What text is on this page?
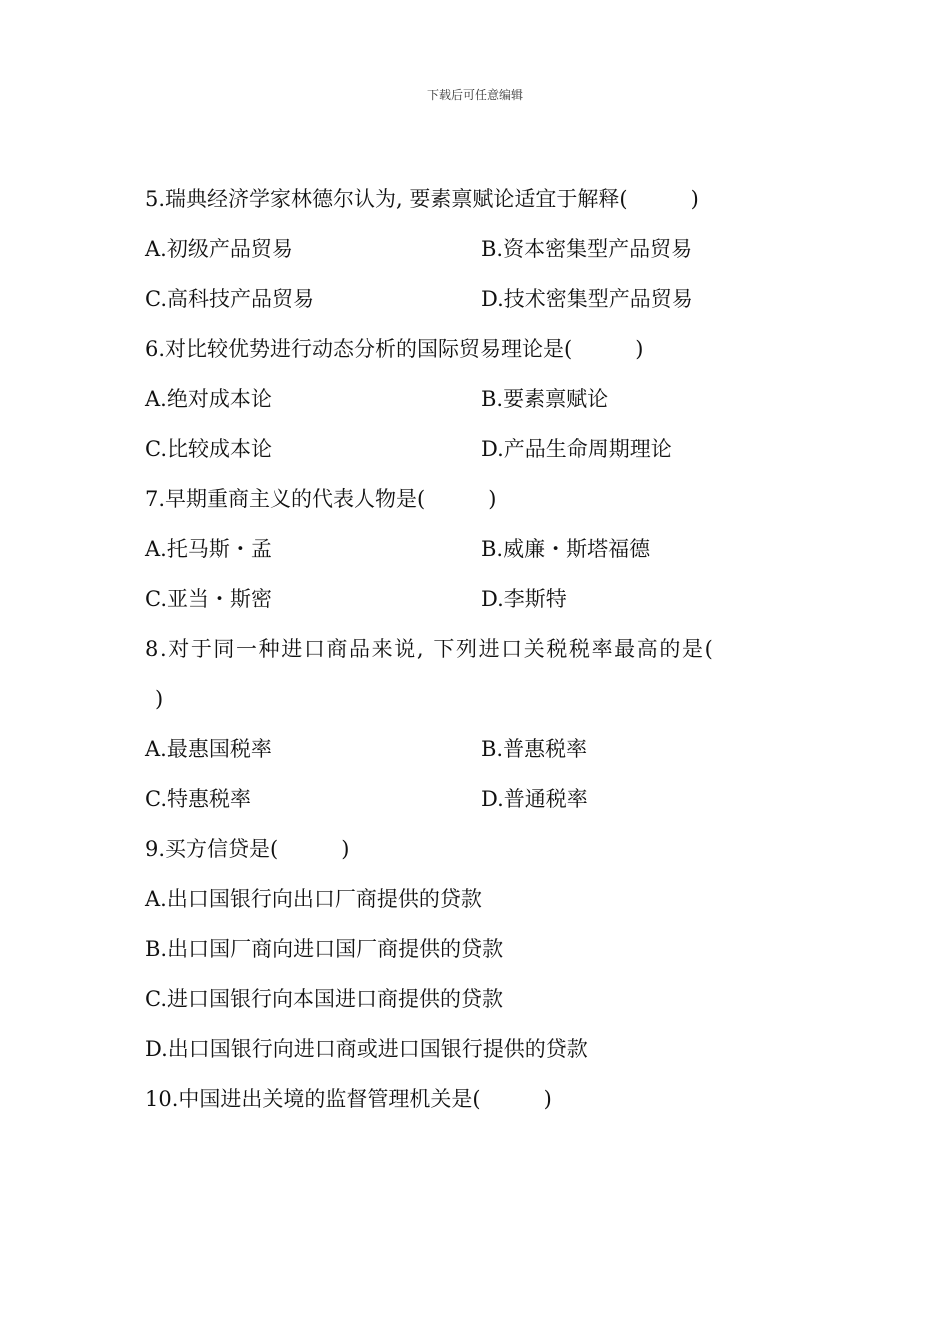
下载后可任意编辑
5.瑞典经济学家林德尔认为, 要素禀赋论适宜于解释(　　　)
A.初级产品贸易	B.资本密集型产品贸易
C.高科技产品贸易	D.技术密集型产品贸易
6.对比较优势进行动态分析的国际贸易理论是(　　　)
A.绝对成本论	B.要素禀赋论
C.比较成本论	D.产品生命周期理论
7.早期重商主义的代表人物是(　　　)
A.托马斯・孟	B.威廉・斯塔福德
C.亚当・斯密	D.李斯特
8.对于同一种进口商品来说, 下列进口关税税率最高的是(
)
A.最惠国税率	B.普惠税率
C.特惠税率	D.普通税率
9.买方信贷是(　　　)
A.出口国银行向出口厂商提供的贷款
B.出口国厂商向进口国厂商提供的贷款
C.进口国银行向本国进口商提供的贷款
D.出口国银行向进口商或进口国银行提供的贷款
10.中国进出关境的监督管理机关是(　　　)
